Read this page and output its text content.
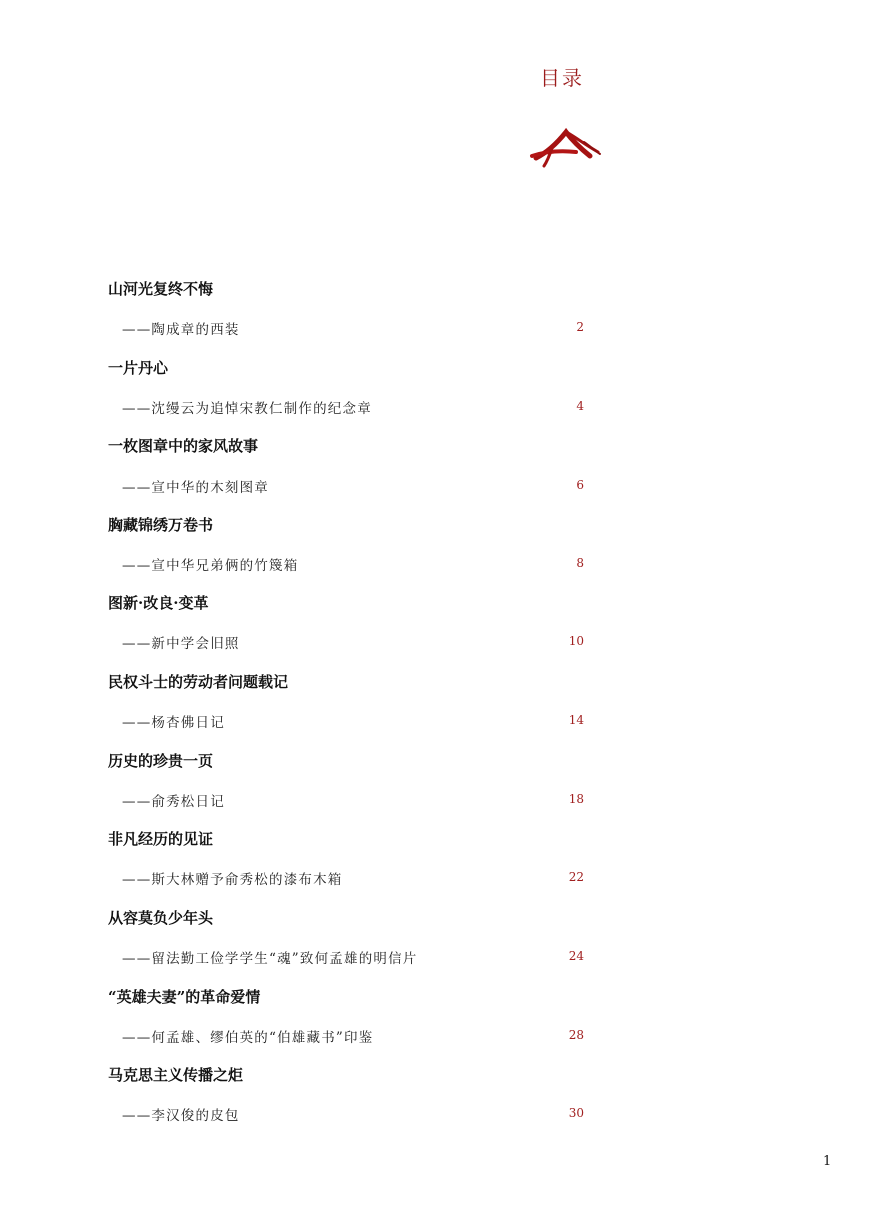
目录
山河光复终不悔
——陶成章的西装	2
一片丹心
——沈缦云为追悼宋教仁制作的纪念章	4
一枚图章中的家风故事
——宣中华的木刻图章	6
胸藏锦绣万卷书
——宣中华兄弟俩的竹篾箱	8
图新·改良·变革
——新中学会旧照	10
民权斗士的劳动者问题载记
——杨杏佛日记	14
历史的珍贵一页
——俞秀松日记	18
非凡经历的见证
——斯大林赠予俞秀松的漆布木箱	22
从容莫负少年头
——留法勤工俭学学生“魂”致何孟雄的明信片	24
“英雄夫妻”的革命爱情
——何孟雄、缪伯英的“伯雄藏书”印鉴	28
马克思主义传播之炬
——李汉俊的皮包	30
1
